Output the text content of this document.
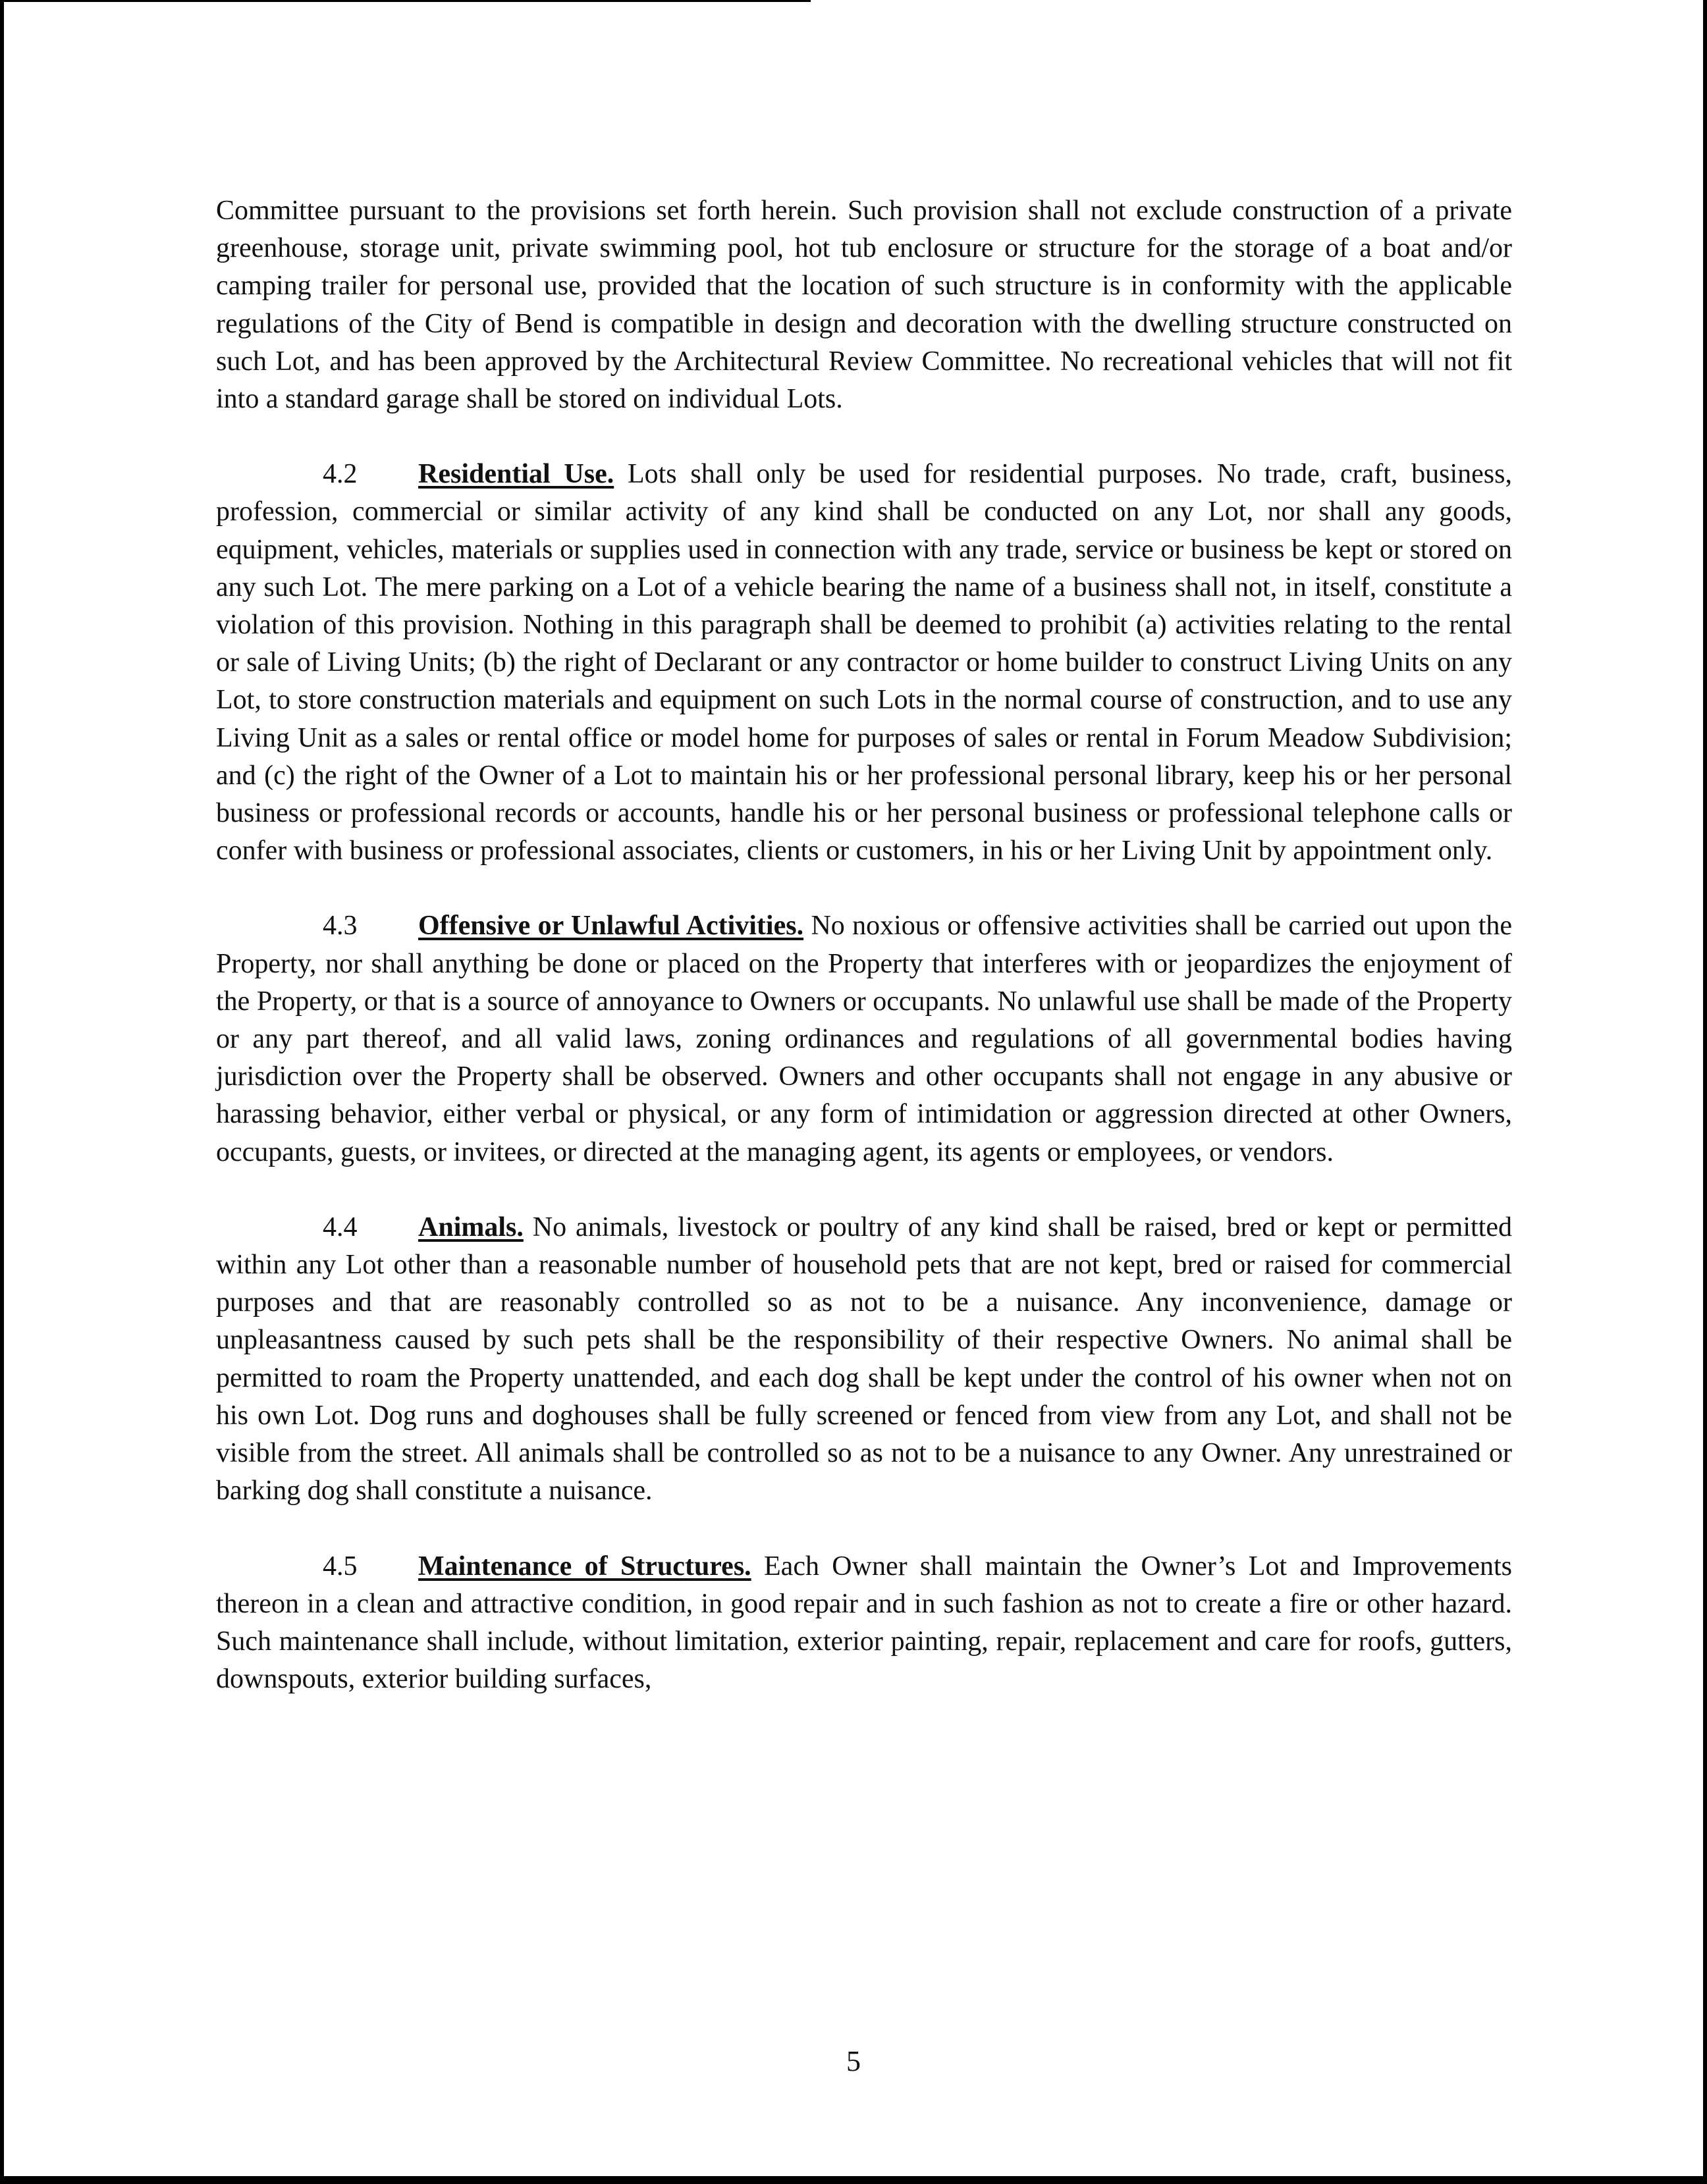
Committee pursuant to the provisions set forth herein. Such provision shall not exclude construction of a private greenhouse, storage unit, private swimming pool, hot tub enclosure or structure for the storage of a boat and/or camping trailer for personal use, provided that the location of such structure is in conformity with the applicable regulations of the City of Bend is compatible in design and decoration with the dwelling structure constructed on such Lot, and has been approved by the Architectural Review Committee. No recreational vehicles that will not fit into a standard garage shall be stored on individual Lots.

4.2 Residential Use. Lots shall only be used for residential purposes. No trade, craft, business, profession, commercial or similar activity of any kind shall be conducted on any Lot, nor shall any goods, equipment, vehicles, materials or supplies used in connection with any trade, service or business be kept or stored on any such Lot. The mere parking on a Lot of a vehicle bearing the name of a business shall not, in itself, constitute a violation of this provision. Nothing in this paragraph shall be deemed to prohibit (a) activities relating to the rental or sale of Living Units; (b) the right of Declarant or any contractor or home builder to construct Living Units on any Lot, to store construction materials and equipment on such Lots in the normal course of construction, and to use any Living Unit as a sales or rental office or model home for purposes of sales or rental in Forum Meadow Subdivision; and (c) the right of the Owner of a Lot to maintain his or her professional personal library, keep his or her personal business or professional records or accounts, handle his or her personal business or professional telephone calls or confer with business or professional associates, clients or customers, in his or her Living Unit by appointment only.

4.3 Offensive or Unlawful Activities. No noxious or offensive activities shall be carried out upon the Property, nor shall anything be done or placed on the Property that interferes with or jeopardizes the enjoyment of the Property, or that is a source of annoyance to Owners or occupants. No unlawful use shall be made of the Property or any part thereof, and all valid laws, zoning ordinances and regulations of all governmental bodies having jurisdiction over the Property shall be observed. Owners and other occupants shall not engage in any abusive or harassing behavior, either verbal or physical, or any form of intimidation or aggression directed at other Owners, occupants, guests, or invitees, or directed at the managing agent, its agents or employees, or vendors.

4.4 Animals. No animals, livestock or poultry of any kind shall be raised, bred or kept or permitted within any Lot other than a reasonable number of household pets that are not kept, bred or raised for commercial purposes and that are reasonably controlled so as not to be a nuisance. Any inconvenience, damage or unpleasantness caused by such pets shall be the responsibility of their respective Owners. No animal shall be permitted to roam the Property unattended, and each dog shall be kept under the control of his owner when not on his own Lot. Dog runs and doghouses shall be fully screened or fenced from view from any Lot, and shall not be visible from the street. All animals shall be controlled so as not to be a nuisance to any Owner. Any unrestrained or barking dog shall constitute a nuisance.

4.5 Maintenance of Structures. Each Owner shall maintain the Owner’s Lot and Improvements thereon in a clean and attractive condition, in good repair and in such fashion as not to create a fire or other hazard. Such maintenance shall include, without limitation, exterior painting, repair, replacement and care for roofs, gutters, downspouts, exterior building surfaces,

5
